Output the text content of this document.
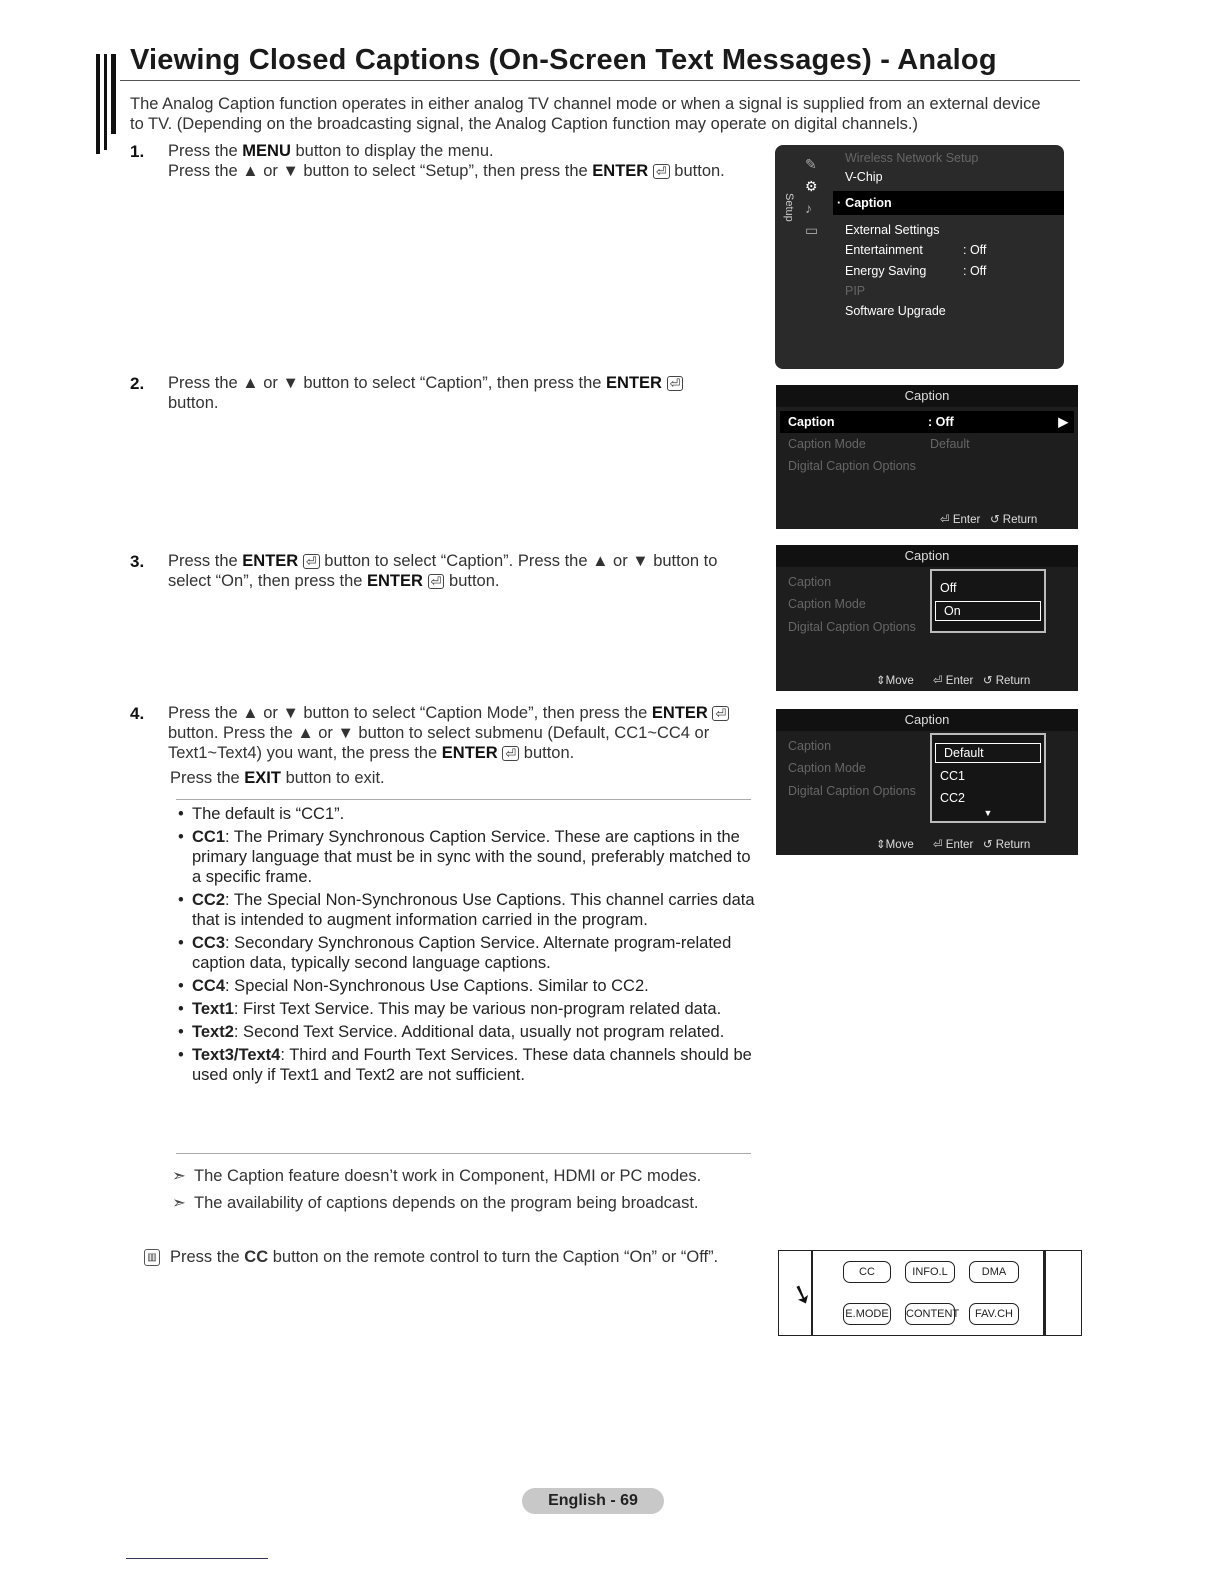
Viewing Closed Captions (On-Screen Text Messages) - Analog
The Analog Caption function operates in either analog TV channel mode or when a signal is supplied from an external device to TV. (Depending on the broadcasting signal, the Analog Caption function may operate on digital channels.)
1. Press the MENU button to display the menu.
Press the ▲ or ▼ button to select “Setup”, then press the ENTER ⏎ button.
Setup
✎
⚙
♪
▭
Wireless Network Setup
V-Chip
· Caption
External Settings
Entertainment	: Off
Energy Saving	: Off
PIP
Software Upgrade
2. Press the ▲ or ▼ button to select “Caption”, then press the ENTER ⏎ button.	Caption
Caption	: Off	▶
Caption Mode	Default
Digital Caption Options
⏎ Enter ↺ Return
3. Press the ENTER ⏎ button to select “Caption”. Press the ▲ or ▼ button to select “On”, then press the ENTER ⏎ button.
Caption
Caption
Caption Mode
Digital Caption Options
Off
On
⇕Move ⏎ Enter ↺ Return
4. Press the ▲ or ▼ button to select “Caption Mode”, then press the ENTER ⏎ button. Press the ▲ or ▼ button to select submenu (Default, CC1~CC4 or Text1~Text4) you want, the press the ENTER ⏎ button.
Press the EXIT button to exit.
Caption
Caption
Caption Mode
Digital Caption Options
Default
CC1
CC2
▼
⇕Move ⏎ Enter ↺ Return
• The default is “CC1”.
• CC1: The Primary Synchronous Caption Service. These are captions in the primary language that must be in sync with the sound, preferably matched to a specific frame.
• CC2: The Special Non-Synchronous Use Captions. This channel carries data that is intended to augment information carried in the program.
• CC3: Secondary Synchronous Caption Service. Alternate program-related caption data, typically second language captions.
• CC4: Special Non-Synchronous Use Captions. Similar to CC2.
• Text1: First Text Service. This may be various non-program related data.
• Text2: Second Text Service. Additional data, usually not program related.
• Text3/Text4: Third and Fourth Text Services. These data channels should be used only if Text1 and Text2 are not sufficient.
➣ The Caption feature doesn’t work in Component, HDMI or PC modes.
➣ The availability of captions depends on the program being broadcast.
▥ Press the CC button on the remote control to turn the Caption “On” or “Off”.
➘
CC	INFO.L	DMA
E.MODE CONTENT	FAV.CH
English - 69
